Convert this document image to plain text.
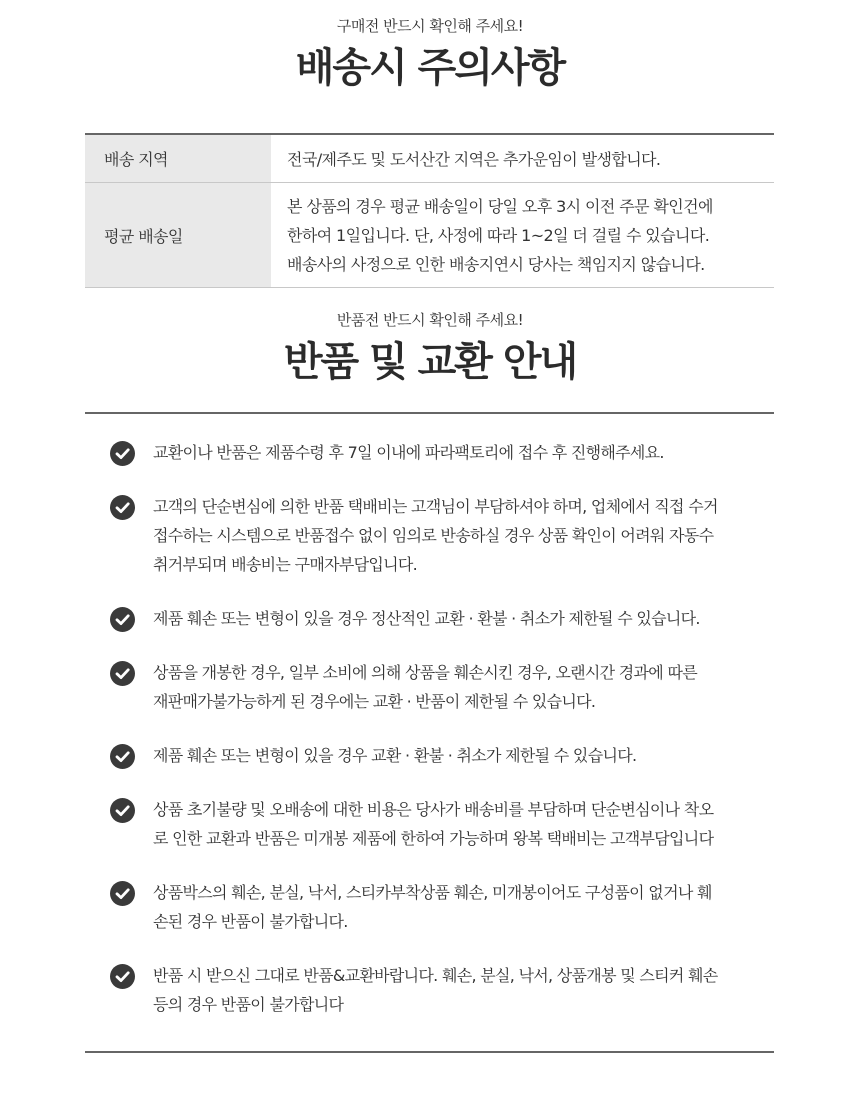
구매전 반드시 확인해 주세요!
배송시 주의사항
배송 지역	전국/제주도 및 도서산간 지역은 추가운임이 발생합니다.
평균 배송일	본 상품의 경우 평균 배송일이 당일 오후 3시 이전 주문 확인건에
한하여 1일입니다. 단, 사정에 따라 1~2일 더 걸릴 수 있습니다.
배송사의 사정으로 인한 배송지연시 당사는 책임지지 않습니다.
반품전 반드시 확인해 주세요!
반품 및 교환 안내
교환이나 반품은 제품수령 후 7일 이내에 파라팩토리에 접수 후 진행해주세요.
고객의 단순변심에 의한 반품 택배비는 고객님이 부담하셔야 하며, 업체에서 직접 수거
접수하는 시스템으로 반품접수 없이 임의로 반송하실 경우 상품 확인이 어려워 자동수
취거부되며 배송비는 구매자부담입니다.
제품 훼손 또는 변형이 있을 경우 정산적인 교환 · 환불 · 취소가 제한될 수 있습니다.
상품을 개봉한 경우, 일부 소비에 의해 상품을 훼손시킨 경우, 오랜시간 경과에 따른
재판매가불가능하게 된 경우에는 교환 · 반품이 제한될 수 있습니다.
제품 훼손 또는 변형이 있을 경우 교환 · 환불 · 취소가 제한될 수 있습니다.
상품 초기불량 및 오배송에 대한 비용은 당사가 배송비를 부담하며 단순변심이나 착오
로 인한 교환과 반품은 미개봉 제품에 한하여 가능하며 왕복 택배비는 고객부담입니다
상품박스의 훼손, 분실, 낙서, 스티카부착상품 훼손, 미개봉이어도 구성품이 없거나 훼
손된 경우 반품이 불가합니다.
반품 시 받으신 그대로 반품&교환바랍니다. 훼손, 분실, 낙서, 상품개봉 및 스티커 훼손
등의 경우 반품이 불가합니다
